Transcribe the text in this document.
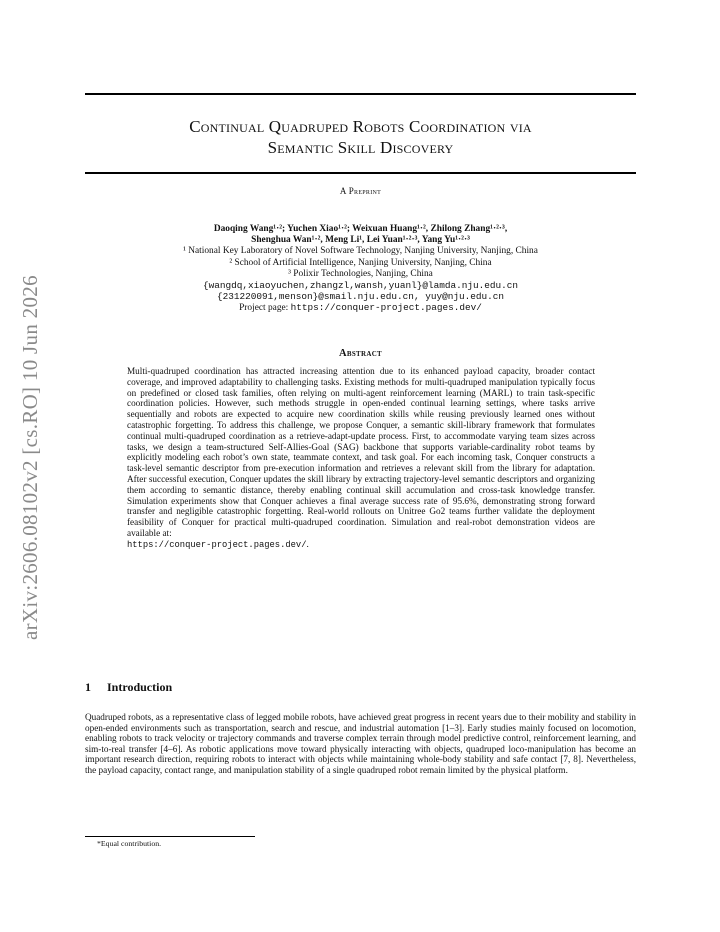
arXiv:2606.08102v2 [cs.RO] 10 Jun 2026
Continual Quadruped Robots Coordination via
Semantic Skill Discovery
A Preprint
Daoqing Wang¹·²; Yuchen Xiao¹·²; Weixuan Huang¹·², Zhilong Zhang¹·²·³,
Shenghua Wan¹·², Meng Li¹, Lei Yuan¹·²·³, Yang Yu¹·²·³
¹ National Key Laboratory of Novel Software Technology, Nanjing University, Nanjing, China
² School of Artificial Intelligence, Nanjing University, Nanjing, China
³ Polixir Technologies, Nanjing, China
{wangdq,xiaoyuchen,zhangzl,wansh,yuanl}@lamda.nju.edu.cn
{231220091,menson}@smail.nju.edu.cn, yuy@nju.edu.cn
Project page: https://conquer-project.pages.dev/
Abstract

Multi-quadruped coordination has attracted increasing attention due to its enhanced payload capacity, broader contact coverage, and improved adaptability to challenging tasks. Existing methods for multi-quadruped manipulation typically focus on predefined or closed task families, often relying on multi-agent reinforcement learning (MARL) to train task-specific coordination policies. However, such methods struggle in open-ended continual learning settings, where tasks arrive sequentially and robots are expected to acquire new coordination skills while reusing previously learned ones without catastrophic forgetting. To address this challenge, we propose Conquer, a semantic skill-library framework that formulates continual multi-quadruped coordination as a retrieve-adapt-update process. First, to accommodate varying team sizes across tasks, we design a team-structured Self-Allies-Goal (SAG) backbone that supports variable-cardinality robot teams by explicitly modeling each robot’s own state, teammate context, and task goal. For each incoming task, Conquer constructs a task-level semantic descriptor from pre-execution information and retrieves a relevant skill from the library for adaptation. After successful execution, Conquer updates the skill library by extracting trajectory-level semantic descriptors and organizing them according to semantic distance, thereby enabling continual skill accumulation and cross-task knowledge transfer. Simulation experiments show that Conquer achieves a final average success rate of 95.6%, demonstrating strong forward transfer and negligible catastrophic forgetting. Real-world rollouts on Unitree Go2 teams further validate the deployment feasibility of Conquer for practical multi-quadruped coordination. Simulation and real-robot demonstration videos are available at:
https://conquer-project.pages.dev/.

1 Introduction

Quadruped robots, as a representative class of legged mobile robots, have achieved great progress in recent years due to their mobility and stability in open-ended environments such as transportation, search and rescue, and industrial automation [1–3]. Early studies mainly focused on locomotion, enabling robots to track velocity or trajectory commands and traverse complex terrain through model predictive control, reinforcement learning, and sim-to-real transfer [4–6]. As robotic applications move toward physically interacting with objects, quadruped loco-manipulation has become an important research direction, requiring robots to interact with objects while maintaining whole-body stability and safe contact [7, 8]. Nevertheless, the payload capacity, contact range, and manipulation stability of a single quadruped robot remain limited by the physical platform.

*Equal contribution.
